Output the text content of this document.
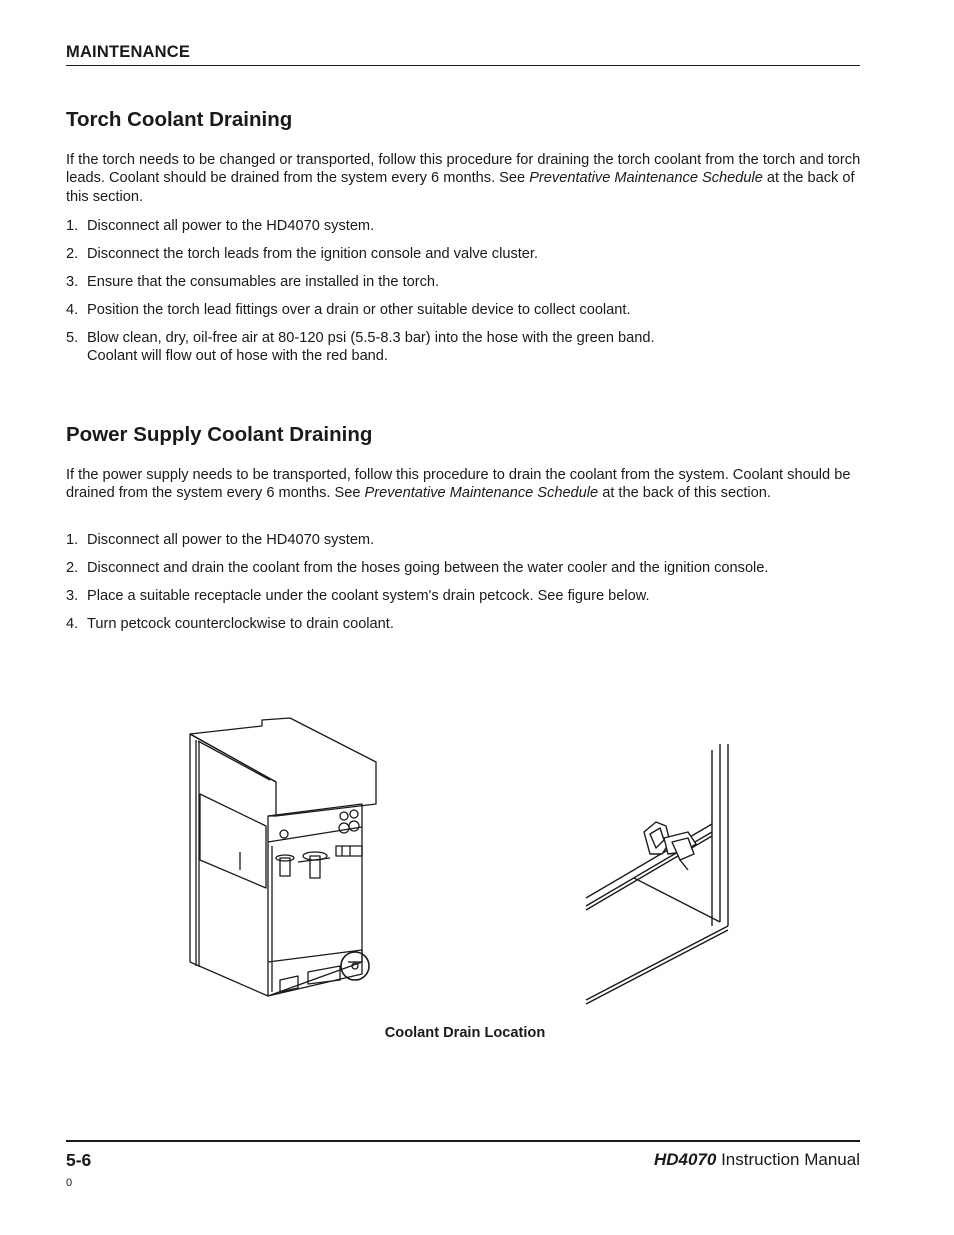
MAINTENANCE
Torch Coolant Draining

If the torch needs to be changed or transported, follow this procedure for draining the torch coolant from the torch and torch leads. Coolant should be drained from the system every 6 months. See Preventative Maintenance Schedule at the back of this section.

1. Disconnect all power to the HD4070 system.
2. Disconnect the torch leads from the ignition console and valve cluster.
3. Ensure that the consumables are installed in the torch.
4. Position the torch lead fittings over a drain or other suitable device to collect coolant.
5. Blow clean, dry, oil-free air at 80-120 psi (5.5-8.3 bar) into the hose with the green band.
Coolant will flow out of hose with the red band.
Power Supply Coolant Draining

If the power supply needs to be transported, follow this procedure to drain the coolant from the system. Coolant should be drained from the system every 6 months. See Preventative Maintenance Schedule at the back of this section.

1. Disconnect all power to the HD4070 system.
2. Disconnect and drain the coolant from the hoses going between the water cooler and the ignition console.
3. Place a suitable receptacle under the coolant system's drain petcock. See figure below.
4. Turn petcock counterclockwise to drain coolant.
Coolant Drain Location
5-6	HD4070 Instruction Manual
0
